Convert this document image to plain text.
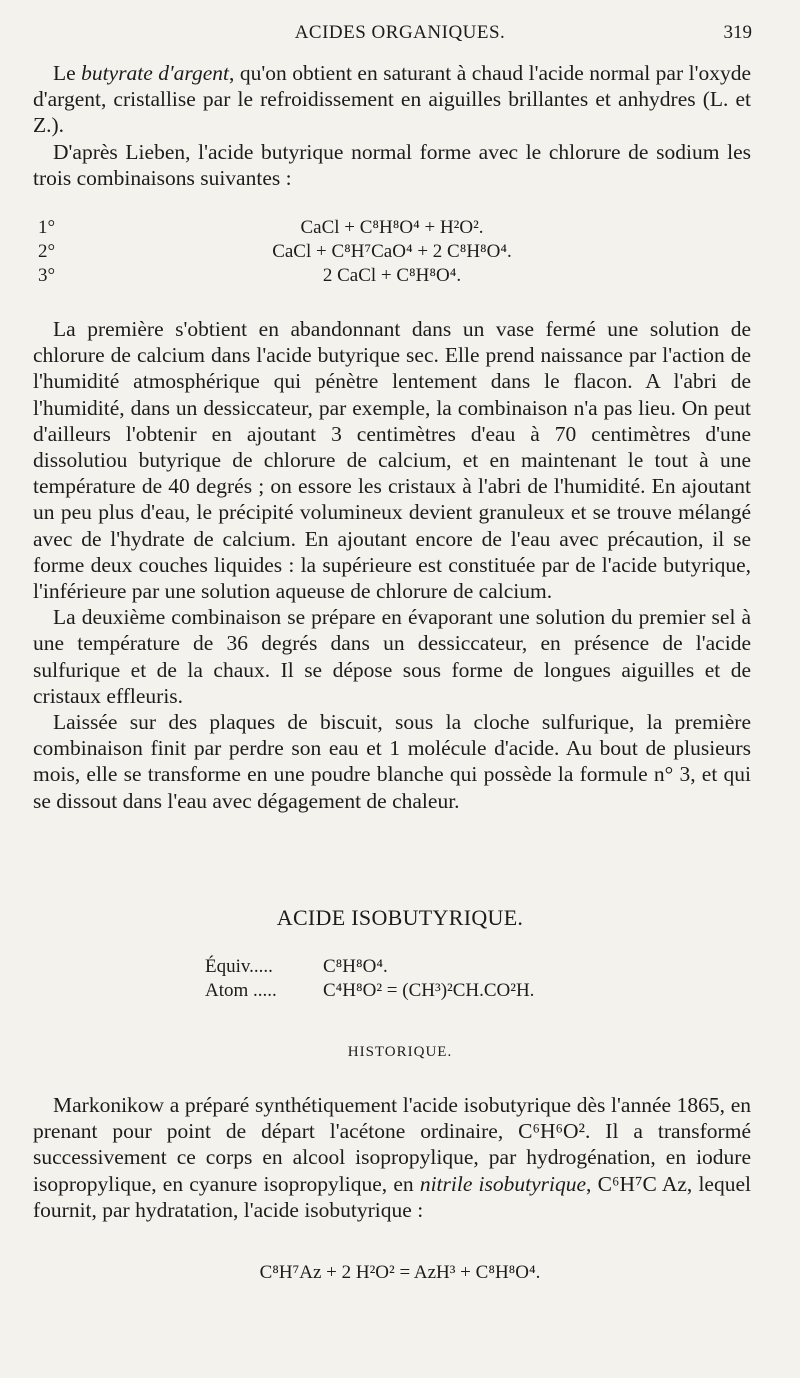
ACIDES ORGANIQUES.	319

Le butyrate d'argent, qu'on obtient en saturant à chaud l'acide normal par l'oxyde d'argent, cristallise par le refroidissement en aiguilles brillantes et anhydres (L. et Z.).

D'après Lieben, l'acide butyrique normal forme avec le chlorure de sodium les trois combinaisons suivantes :

1°	CaCl + C⁸H⁸O⁴ + H²O².
2°	CaCl + C⁸H⁷CaO⁴ + 2 C⁸H⁸O⁴.
3°	2 CaCl + C⁸H⁸O⁴.

La première s'obtient en abandonnant dans un vase fermé une solution de chlorure de calcium dans l'acide butyrique sec. Elle prend naissance par l'action de l'humidité atmosphérique qui pénètre lentement dans le flacon. A l'abri de l'humidité, dans un dessiccateur, par exemple, la combinaison n'a pas lieu. On peut d'ailleurs l'obtenir en ajoutant 3 centimètres d'eau à 70 centimètres d'une dissolutiou butyrique de chlorure de calcium, et en maintenant le tout à une température de 40 degrés ; on essore les cristaux à l'abri de l'humidité. En ajoutant un peu plus d'eau, le précipité volumineux devient granuleux et se trouve mélangé avec de l'hydrate de calcium. En ajoutant encore de l'eau avec précaution, il se forme deux couches liquides : la supérieure est constituée par de l'acide butyrique, l'inférieure par une solution aqueuse de chlorure de calcium.

La deuxième combinaison se prépare en évaporant une solution du premier sel à une température de 36 degrés dans un dessiccateur, en présence de l'acide sulfurique et de la chaux. Il se dépose sous forme de longues aiguilles et de cristaux effleuris.

Laissée sur des plaques de biscuit, sous la cloche sulfurique, la première combinaison finit par perdre son eau et 1 molécule d'acide. Au bout de plusieurs mois, elle se transforme en une poudre blanche qui possède la formule n° 3, et qui se dissout dans l'eau avec dégagement de chaleur.

ACIDE ISOBUTYRIQUE.
Équiv.....	C⁸H⁸O⁴.
Atom ..... C⁴H⁸O² = (CH³)²CH.CO²H.
HISTORIQUE.

Markonikow a préparé synthétiquement l'acide isobutyrique dès l'année 1865, en prenant pour point de départ l'acétone ordinaire, C⁶H⁶O². Il a transformé successivement ce corps en alcool isopropylique, par hydrogénation, en iodure isopropylique, en cyanure isopropylique, en nitrile isobutyrique, C⁶H⁷C Az, lequel fournit, par hydratation, l'acide isobutyrique :

C⁸H⁷Az + 2 H²O² = AzH³ + C⁸H⁸O⁴.
